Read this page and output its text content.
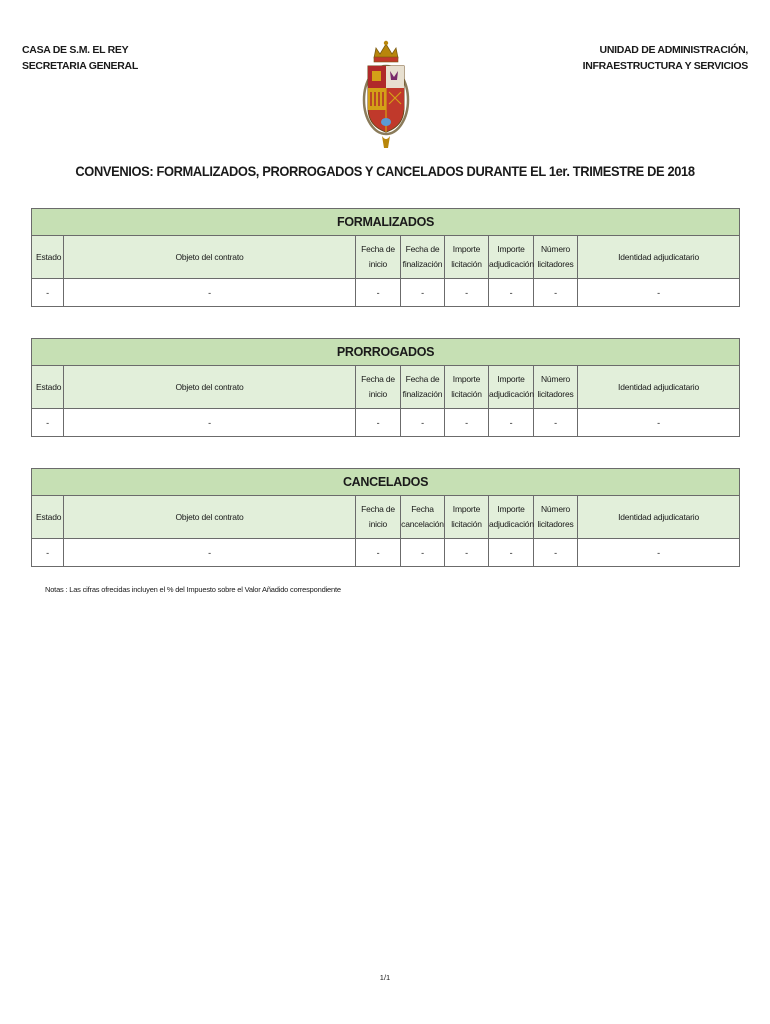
CASA DE S.M. EL REY
SECRETARIA GENERAL
UNIDAD DE ADMINISTRACIÓN,
INFRAESTRUCTURA Y SERVICIOS
CONVENIOS: FORMALIZADOS, PRORROGADOS Y CANCELADOS DURANTE EL 1er. TRIMESTRE DE 2018
FORMALIZADOS							
Estado	Objeto del contrato	Fecha de inicio	Fecha de finalización	Importe licitación	Importe adjudicación	Número licitadores	Identidad adjudicatario
-	-	-	-	-	-	-	-
PRORROGADOS							
Estado	Objeto del contrato	Fecha de inicio	Fecha de finalización	Importe licitación	Importe adjudicación	Número licitadores	Identidad adjudicatario
-	-	-	-	-	-	-	-
CANCELADOS							
Estado	Objeto del contrato	Fecha de inicio	Fecha cancelación	Importe licitación	Importe adjudicación	Número licitadores	Identidad adjudicatario
-	-	-	-	-	-	-	-
Notas : Las cifras ofrecidas incluyen el % del Impuesto sobre el Valor Añadido correspondiente
1/1
